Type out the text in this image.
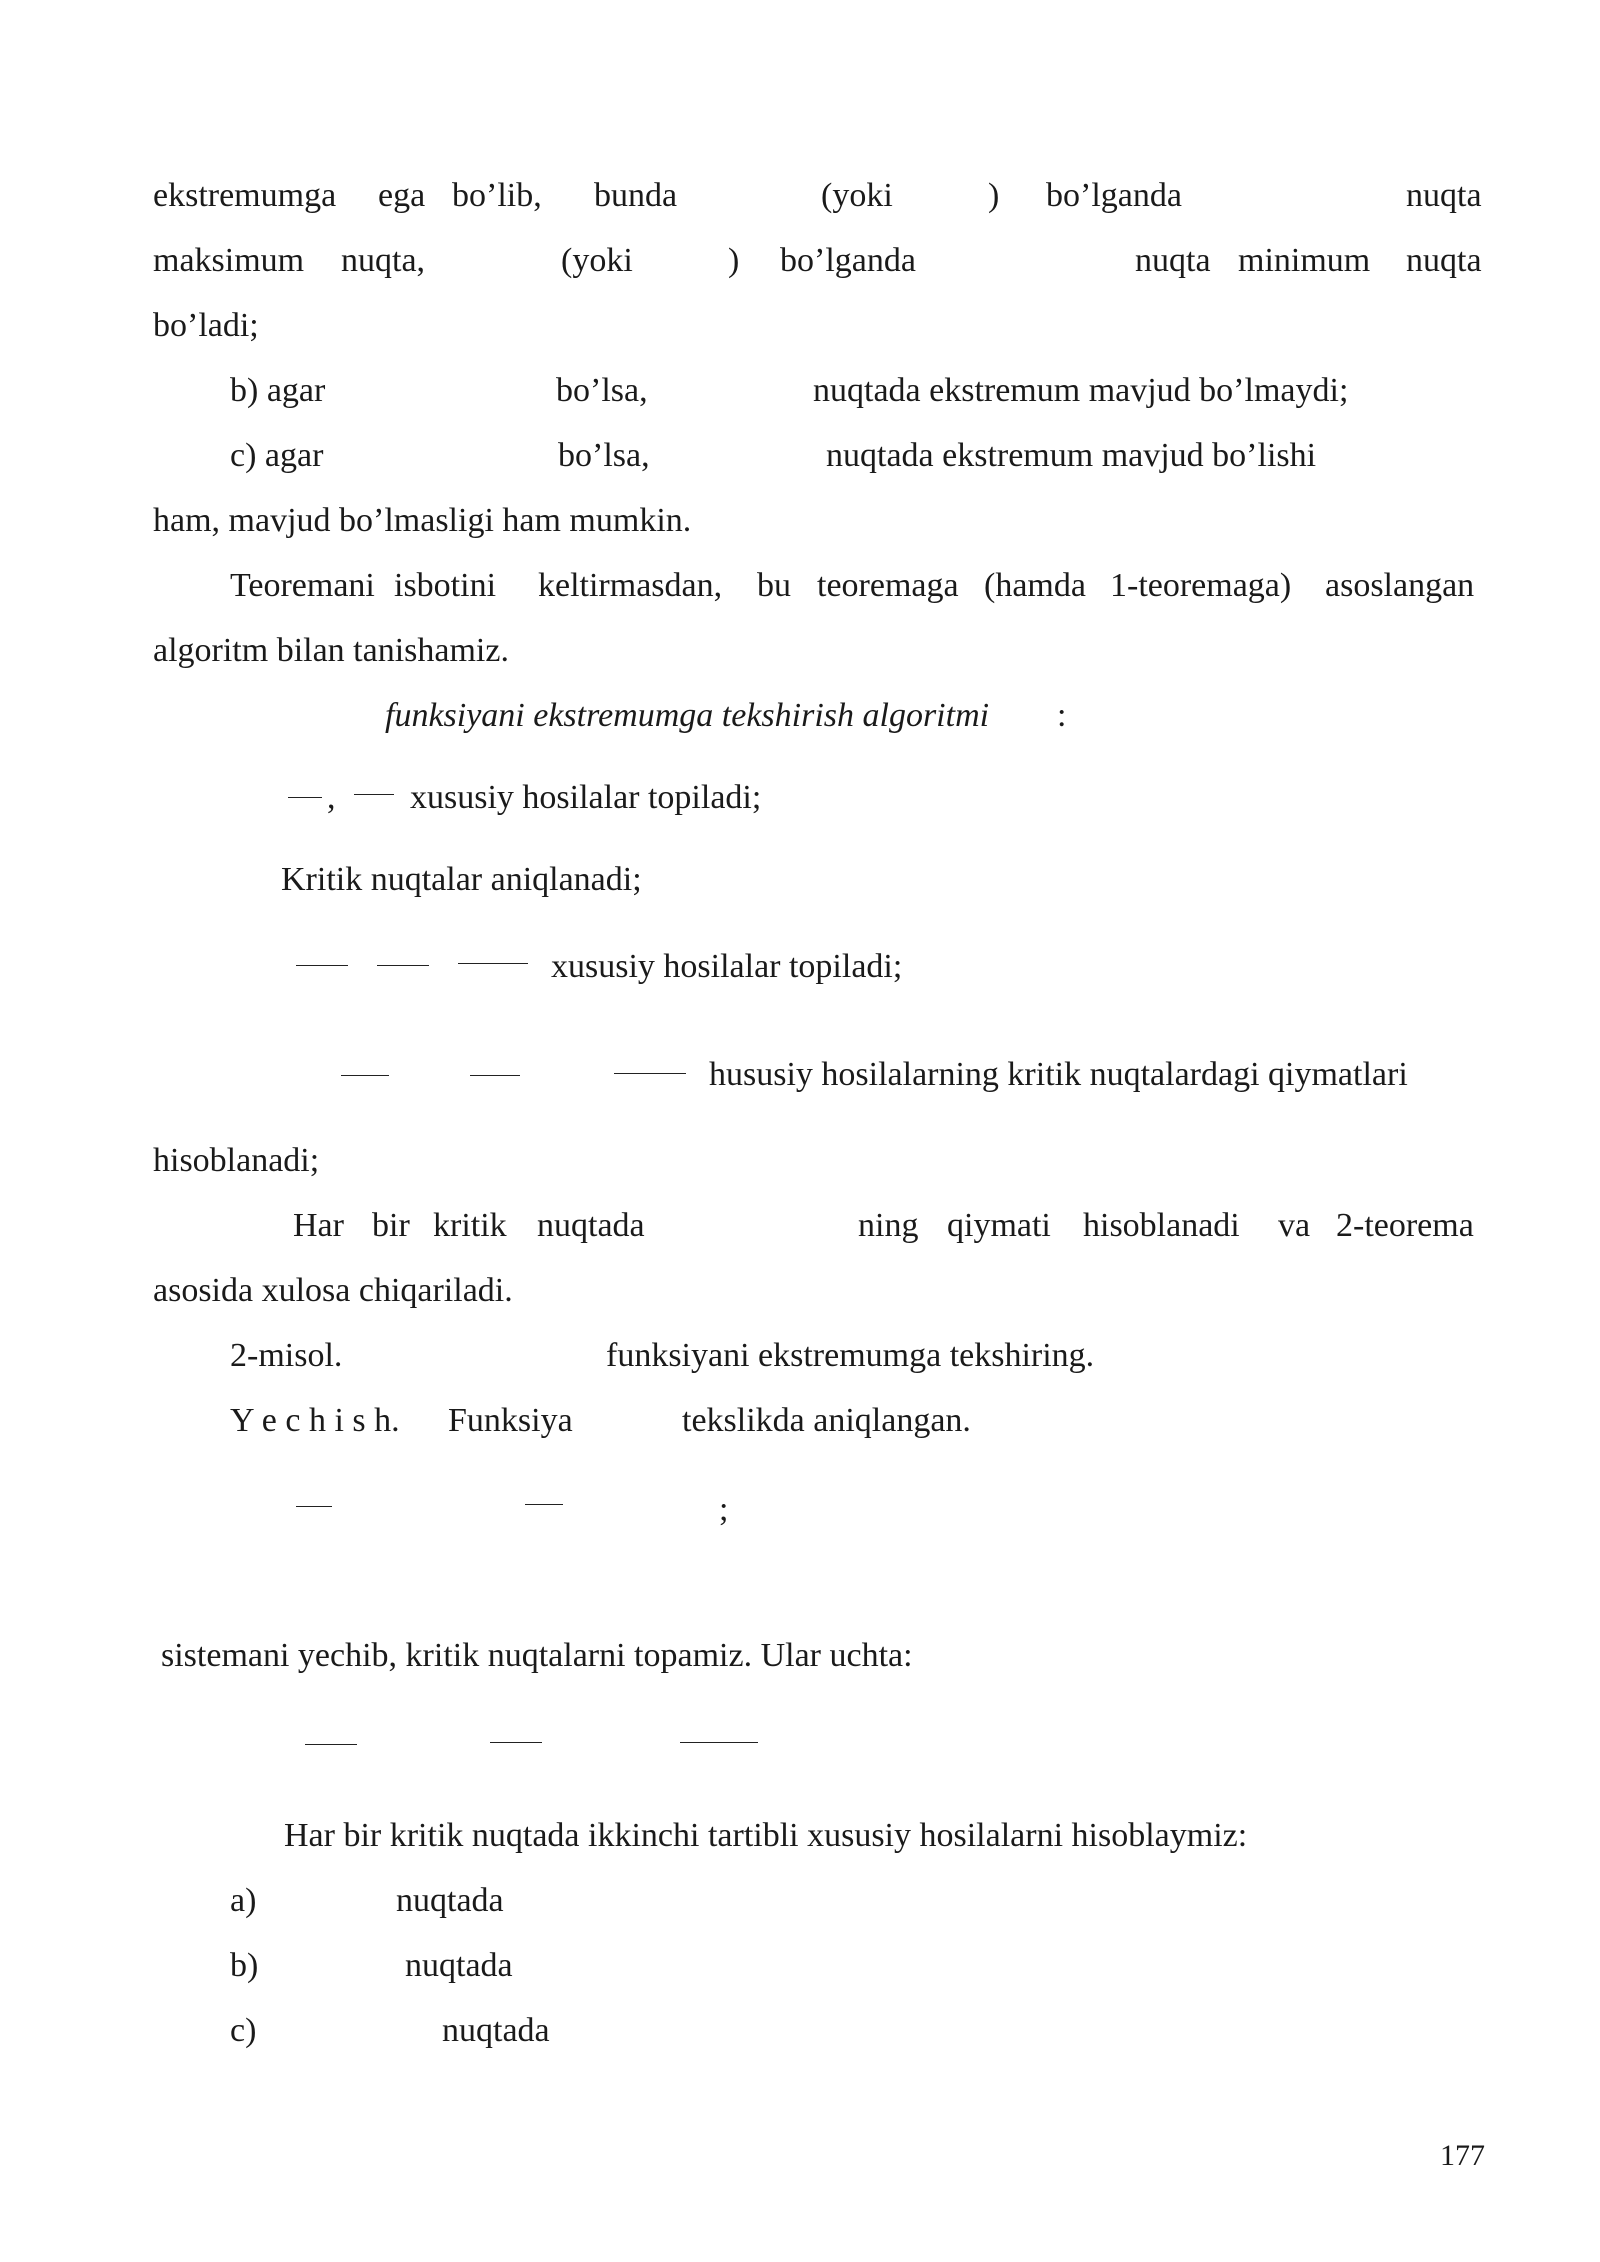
ekstremumga ega bo’lib, bunda	(yoki	) bo’lganda	nuqta
maksimum nuqta,	(yoki	) bo’lganda	nuqta minimum nuqta
bo’ladi;
b) agar	bo’lsa,	nuqtada ekstremum mavjud bo’lmaydi;
c) agar	bo’lsa,	nuqtada ekstremum mavjud bo’lishi
ham, mavjud bo’lmasligi ham mumkin.
Teoremani isbotini keltirmasdan, bu teoremaga (hamda 1-teoremaga) asoslangan
algoritm bilan tanishamiz.
funksiyani ekstremumga tekshirish algoritmi :
, xususiy hosilalar topiladi;
Kritik nuqtalar aniqlanadi;
xususiy hosilalar topiladi;
hususiy hosilalarning kritik nuqtalardagi qiymatlari
hisoblanadi;
Har bir kritik nuqtada	ning qiymati hisoblanadi va 2-teorema
asosida xulosa chiqariladi.
2-misol.	funksiyani ekstremumga tekshiring.
Y e c h i s h. Funksiya	tekslikda aniqlangan.
;
sistemani yechib, kritik nuqtalarni topamiz. Ular uchta:
Har bir kritik nuqtada ikkinchi tartibli xususiy hosilalarni hisoblaymiz:
a)	nuqtada
b)	nuqtada
c)	nuqtada
177
